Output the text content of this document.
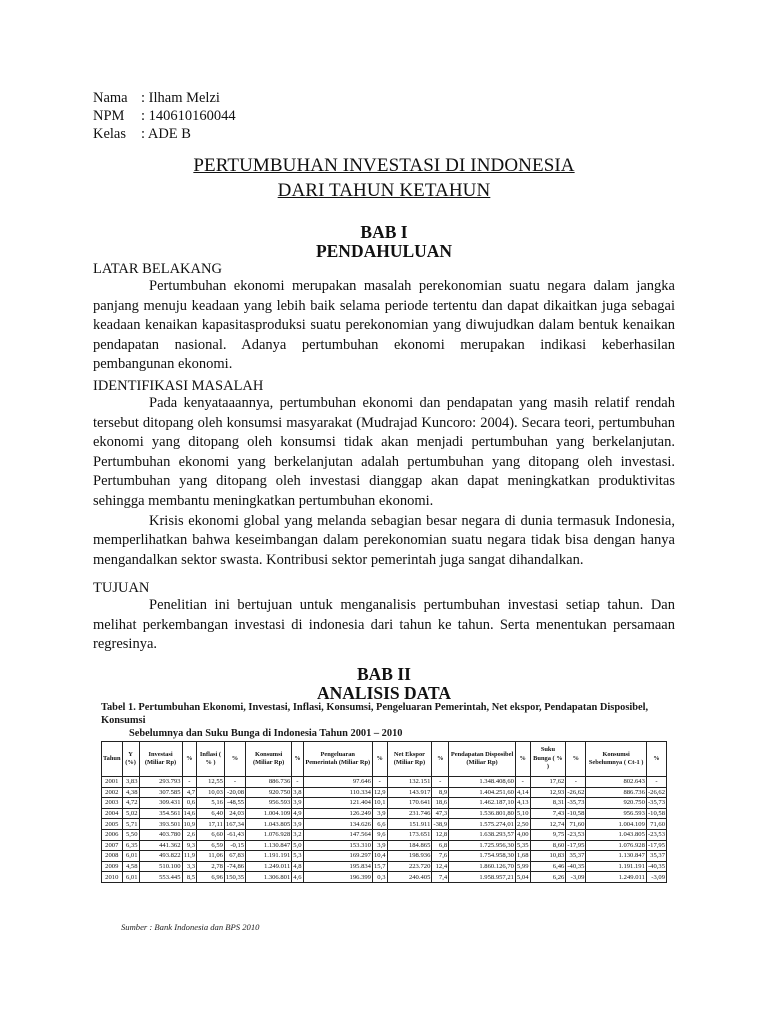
Nama : Ilham Melzi
NPM	: 140610160044
Kelas	: ADE B
PERTUMBUHAN INVESTASI DI INDONESIA
DARI TAHUN KETAHUN
BAB I
PENDAHULUAN
LATAR BELAKANG

Pertumbuhan ekonomi merupakan masalah perekonomian suatu negara dalam jangka panjang menuju keadaan yang lebih baik selama periode tertentu dan dapat dikaitkan juga sebagai keadaan kenaikan kapasitasproduksi suatu perekonomian yang diwujudkan dalam bentuk kenaikan pendapatan nasional. Adanya pertumbuhan ekonomi merupakan indikasi keberhasilan pembangunan ekonomi.

IDENTIFIKASI MASALAH

Pada kenyataaannya, pertumbuhan ekonomi dan pendapatan yang masih relatif rendah tersebut ditopang oleh konsumsi masyarakat (Mudrajad Kuncoro: 2004). Secara teori, pertumbuhan ekonomi yang ditopang oleh konsumsi tidak akan menjadi pertumbuhan yang berkelanjutan. Pertumbuhan ekonomi yang berkelanjutan adalah pertumbuhan yang ditopang oleh investasi. Pertumbuhan yang ditopang oleh investasi dianggap akan dapat meningkatkan produktivitas sehingga membantu meningkatkan pertumbuhan ekonomi.

Krisis ekonomi global yang melanda sebagian besar negara di dunia termasuk Indonesia, memperlihatkan bahwa keseimbangan dalam perekonomian suatu negara tidak bisa dengan hanya mengandalkan sektor swasta. Kontribusi sektor pemerintah juga sangat dihandalkan.

TUJUAN

Penelitian ini bertujuan untuk menganalisis pertumbuhan investasi setiap tahun. Dan melihat perkembangan investasi di indonesia dari tahun ke tahun. Serta menentukan persamaan regresinya.

BAB II
ANALISIS DATA
Tabel 1. Pertumbuhan Ekonomi, Investasi, Inflasi, Konsumsi, Pengeluaran Pemerintah, Net ekspor, Pendapatan Disposibel, Konsumsi
Sebelumnya dan Suku Bunga di Indonesia Tahun 2001 – 2010
Tahun	Y (%)	Investasi (Miliar Rp)	%	Inflasi ( % )	%	Konsumsi (Miliar Rp)	%	Pengeluaran Pemerintah (Miliar Rp)	%	Net Ekspor (Miliar Rp)	%	Pendapatan Disposibel (Miliar Rp)	%	Suku Bunga ( % )	%	Konsumsi Sebelumnya ( Ct-1 )	%
2001	3,83	293.793	-	12,55	-	886.736	-	97.646	-	132.151	-	1.348.408,60	-	17,62	-	802.643	-
2002	4,38	307.585	4,7	10,03	-20,08	920.750	3,8	110.334	12,9	143.917	8,9	1.404.251,60	4,14	12,93	-26,62	886.736	-26,62
2003	4,72	309.431	0,6	5,16	-48,55	956.593	3,9	121.404	10,1	170.641	18,6	1.462.187,10	4,13	8,31	-35,73	920.750	-35,73
2004	5,02	354.561	14,6	6,40	24,03	1.004.109	4,9	126.249	3,9	231.746	47,3	1.536.801,80	5,10	7,43	-10,58	956.593	-10,58
2005	5,71	393.501	10,9	17,11	167,34	1.043.805	3,9	134.626	6,6	151.911	-38,9	1.575.274,01	2,50	12,74	71,60	1.004.109	71,60
2006	5,50	403.780	2,6	6,60	-61,43	1.076.928	3,2	147.564	9,6	173.651	12,8	1.638.293,57	4,00	9,75	-23,53	1.043.805	-23,53
2007	6,35	441.362	9,3	6,59	-0,15	1.130.847	5,0	153.310	3,9	184.865	6,8	1.725.956,30	5,35	8,60	-17,95	1.076.928	-17,95
2008	6,01	493.822	11,9	11,06	67,83	1.191.191	5,3	169.297	10,4	198.936	7,6	1.754.958,30	1,68	10,83	35,37	1.130.847	35,37
2009	4,58	510.100	3,3	2,78	-74,86	1.249.011	4,8	195.834	15,7	223.720	12,4	1.860.126,70	5,99	6,46	-40,35	1.191.191	-40,35
2010	6,01	553.445	8,5	6,96	150,35	1.306.801	4,6	196.399	0,3	240.405	7,4	1.958.957,21	5,04	6,26	-3,09	1.249.011	-3,09
Sumber : Bank Indonesia dan BPS 2010
